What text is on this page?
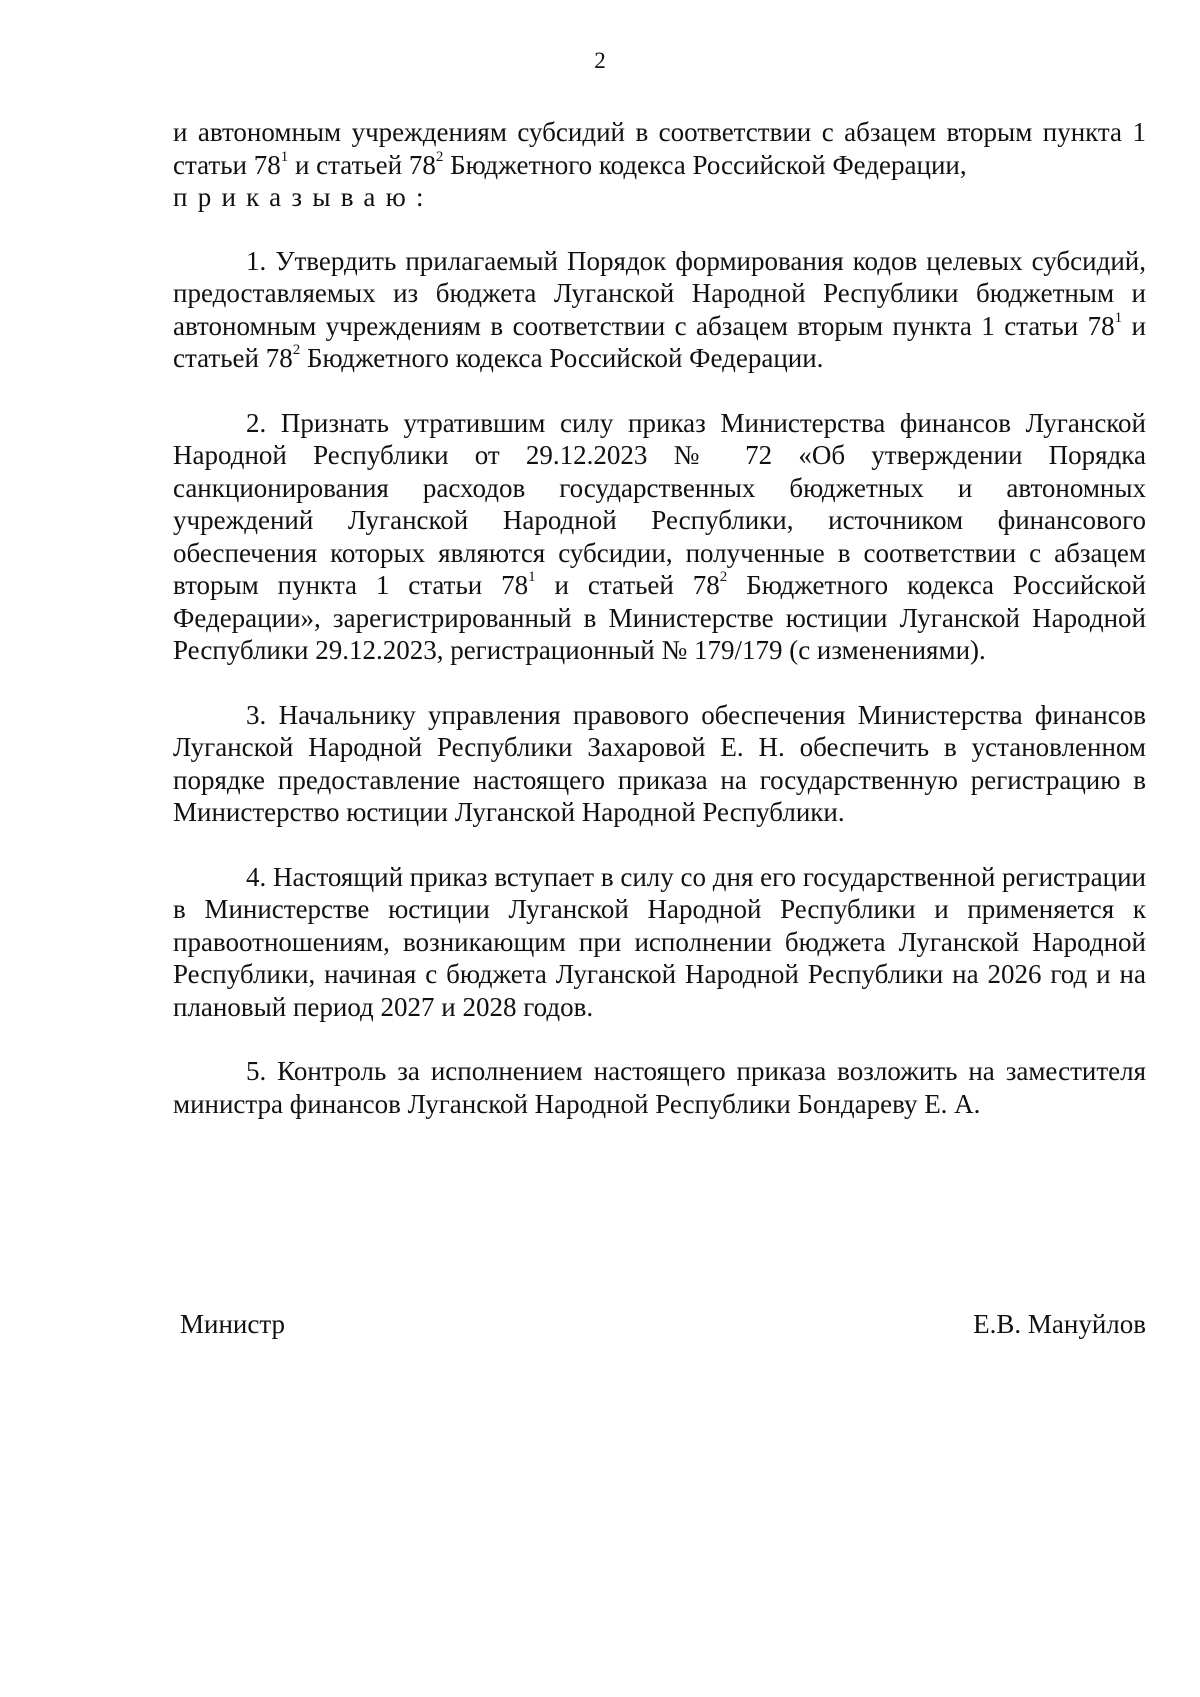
2

и автономным учреждениям субсидий в соответствии с абзацем вторым пункта 1 статьи $78^1$ и статьей $78^2$ Бюджетного кодекса Российской Федерации,

приказываю:

1. Утвердить прилагаемый Порядок формирования кодов целевых субсидий, предоставляемых из бюджета Луганской Народной Республики бюджетным и автономным учреждениям в соответствии с абзацем вторым пункта 1 статьи $78^1$ и статьей $78^2$ Бюджетного кодекса Российской Федерации.

2. Признать утратившим силу приказ Министерства финансов Луганской Народной Республики от 29.12.2023 № 72 «Об утверждении Порядка санкционирования расходов государственных бюджетных и автономных учреждений Луганской Народной Республики, источником финансового обеспечения которых являются субсидии, полученные в соответствии с абзацем вторым пункта 1 статьи $78^1$ и статьей $78^2$ Бюджетного кодекса Российской Федерации», зарегистрированный в Министерстве юстиции Луганской Народной Республики 29.12.2023, регистрационный № 179/179 (с изменениями).

3. Начальнику управления правового обеспечения Министерства финансов Луганской Народной Республики Захаровой Е. Н. обеспечить в установленном порядке предоставление настоящего приказа на государственную регистрацию в Министерство юстиции Луганской Народной Республики.

4. Настоящий приказ вступает в силу со дня его государственной регистрации в Министерстве юстиции Луганской Народной Республики и применяется к правоотношениям, возникающим при исполнении бюджета Луганской Народной Республики, начиная с бюджета Луганской Народной Республики на 2026 год и на плановый период 2027 и 2028 годов.

5. Контроль за исполнением настоящего приказа возложить на заместителя министра финансов Луганской Народной Республики Бондареву Е. А.

Министр	Е.В. Мануйлов
